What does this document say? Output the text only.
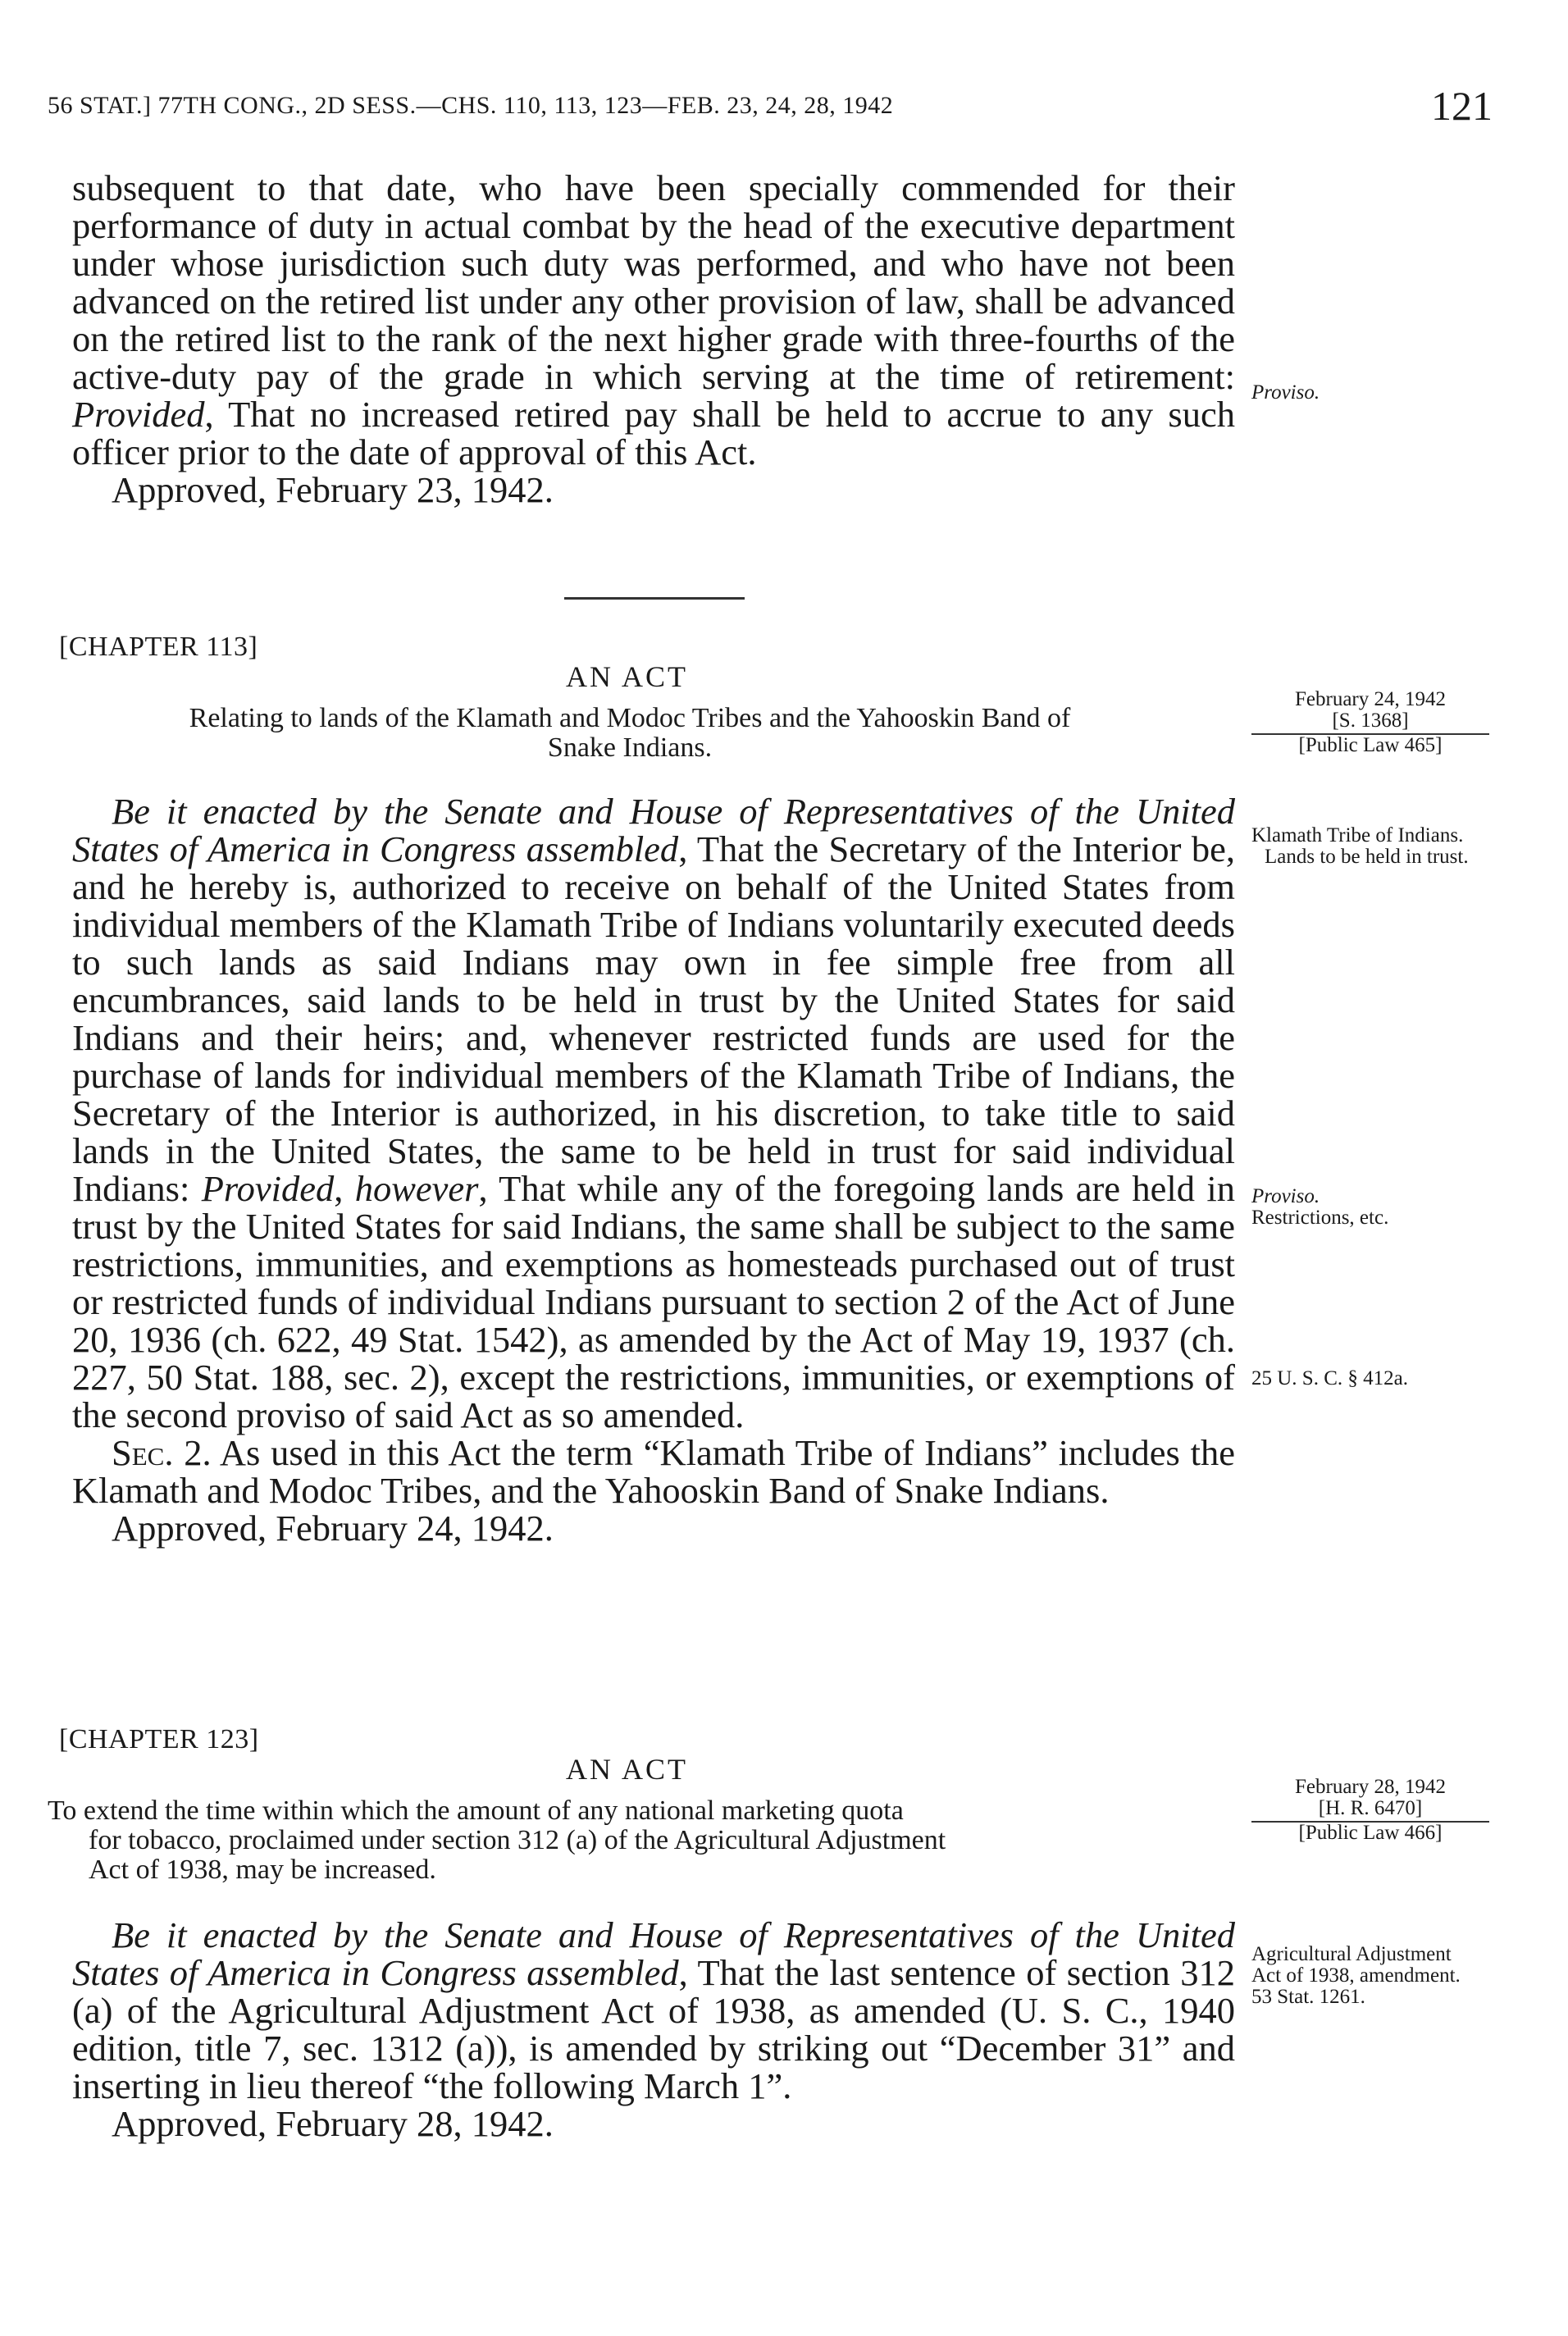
56 STAT.] 77TH CONG., 2D SESS.—CHS. 110, 113, 123—FEB. 23, 24, 28, 1942	121

subsequent to that date, who have been specially commended for their performance of duty in actual combat by the head of the executive department under whose jurisdiction such duty was performed, and who have not been advanced on the retired list under any other provision of law, shall be advanced on the retired list to the rank of the next higher grade with three-fourths of the active-duty pay of the grade in which serving at the time of retirement: Provided, That no increased retired pay shall be held to accrue to any such officer prior to the date of approval of this Act.

Approved, February 23, 1942.

Proviso.
[CHAPTER 113]
AN ACT
Relating to lands of the Klamath and Modoc Tribes and the Yahooskin Band of
Snake Indians.
February 24, 1942
[S. 1368]
[Public Law 465]

Be it enacted by the Senate and House of Representatives of the United States of America in Congress assembled, That the Secretary of the Interior be, and he hereby is, authorized to receive on behalf of the United States from individual members of the Klamath Tribe of Indians voluntarily executed deeds to such lands as said Indians may own in fee simple free from all encumbrances, said lands to be held in trust by the United States for said Indians and their heirs; and, whenever restricted funds are used for the purchase of lands for individual members of the Klamath Tribe of Indians, the Secretary of the Interior is authorized, in his discretion, to take title to said lands in the United States, the same to be held in trust for said individual Indians: Provided, however, That while any of the foregoing lands are held in trust by the United States for said Indians, the same shall be subject to the same restrictions, immunities, and exemptions as homesteads purchased out of trust or restricted funds of individual Indians pursuant to section 2 of the Act of June 20, 1936 (ch. 622, 49 Stat. 1542), as amended by the Act of May 19, 1937 (ch. 227, 50 Stat. 188, sec. 2), except the restrictions, immunities, or exemptions of the second proviso of said Act as so amended.

Sec. 2. As used in this Act the term “Klamath Tribe of Indians” includes the Klamath and Modoc Tribes, and the Yahooskin Band of Snake Indians.

Approved, February 24, 1942.

Klamath Tribe of Indians.
Lands to be held in trust.
Proviso.
Restrictions, etc.
25 U. S. C. § 412a.
[CHAPTER 123]
AN ACT
To extend the time within which the amount of any national marketing quota
for tobacco, proclaimed under section 312 (a) of the Agricultural Adjustment
Act of 1938, may be increased.
February 28, 1942
[H. R. 6470]
[Public Law 466]

Be it enacted by the Senate and House of Representatives of the United States of America in Congress assembled, That the last sentence of section 312 (a) of the Agricultural Adjustment Act of 1938, as amended (U. S. C., 1940 edition, title 7, sec. 1312 (a)), is amended by striking out “December 31” and inserting in lieu thereof “the following March 1”.

Approved, February 28, 1942.

Agricultural Adjustment Act of 1938, amendment.
53 Stat. 1261.
